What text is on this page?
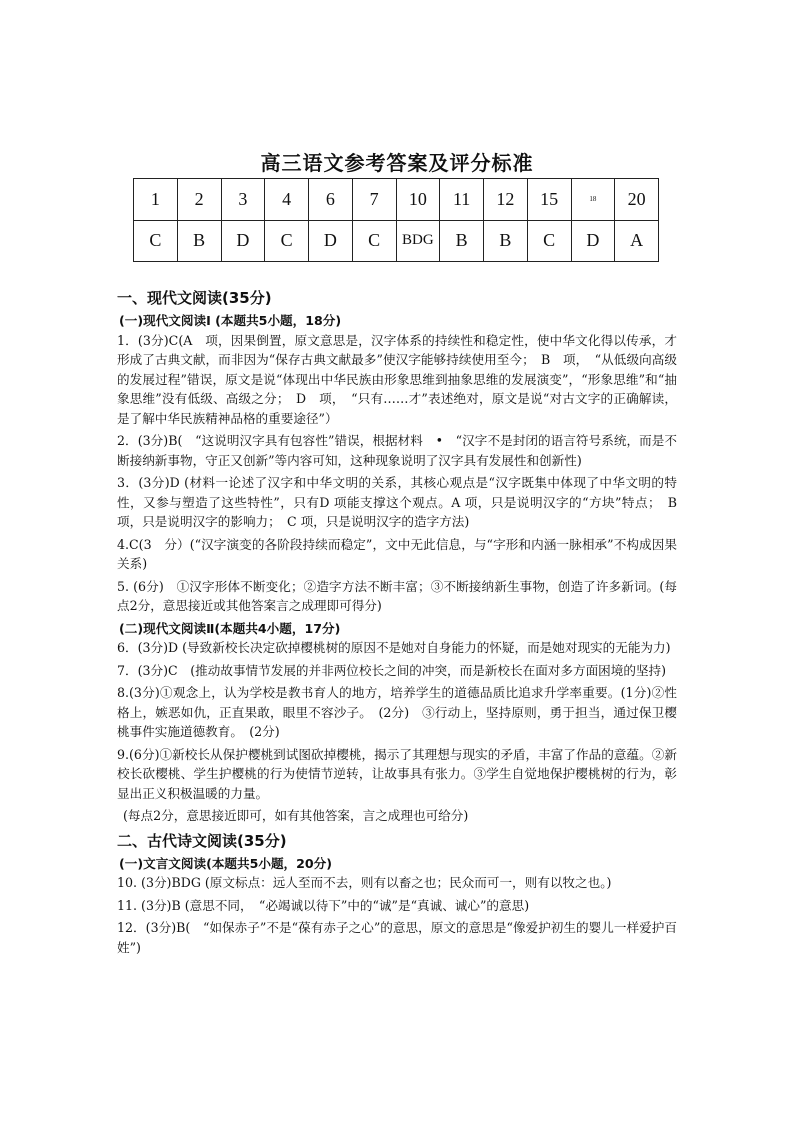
高三语文参考答案及评分标准
1	2	3	4	6	7	10	11	12	15	18	20
C	B	D	C	D	C	BDG	B	B	C	D	A
一、现代文阅读(35分)
(一)现代文阅读Ⅰ (本题共5小题，18分)

1．(3分)C(A　项，因果倒置，原文意思是，汉字体系的持续性和稳定性，使中华文化得以传承，才形成了古典文献，而非因为“保存古典文献最多”使汉字能够持续使用至今；　B　项，　“从低级向高级的发展过程”错误，原文是说“体现出中华民族由形象思维到抽象思维的发展演变”，“形象思维”和“抽象思维”没有低级、高级之分；　D　项，　“只有……才”表述绝对，原文是说“对古文字的正确解读，是了解中华民族精神品格的重要途径”）

2．(3分)B(　“这说明汉字具有包容性”错误，根据材料　•　“汉字不是封闭的语言符号系统，而是不断接纳新事物，守正又创新”等内容可知，这种现象说明了汉字具有发展性和创新性)

3．(3分)D (材料一论述了汉字和中华文明的关系，其核心观点是“汉字既集中体现了中华文明的特性，又参与塑造了这些特性”，只有D 项能支撑这个观点。A 项，只是说明汉字的“方块”特点；　B 项，只是说明汉字的影响力；　C 项，只是说明汉字的造字方法)

4.C(3　分）(“汉字演变的各阶段持续而稳定”，文中无此信息，与“字形和内涵一脉相承”不构成因果关系)

5. (6分)　①汉字形体不断变化；②造字方法不断丰富；③不断接纳新生事物，创造了许多新词。(每点2分，意思接近或其他答案言之成理即可得分)

(二)现代文阅读Ⅱ(本题共4小题，17分)

6．(3分)D (导致新校长决定砍掉樱桃树的原因不是她对自身能力的怀疑，而是她对现实的无能为力)

7．(3分)C　(推动故事情节发展的并非两位校长之间的冲突，而是新校长在面对多方面困境的坚持)

8.(3分)①观念上，认为学校是教书育人的地方，培养学生的道德品质比追求升学率重要。(1分)②性格上，嫉恶如仇，正直果敢，眼里不容沙子。　(2分)　③行动上，坚持原则，勇于担当，通过保卫樱桃事件实施道德教育。　(2分)

9.(6分)①新校长从保护樱桃到试图砍掉樱桃，揭示了其理想与现实的矛盾，丰富了作品的意蕴。②新校长砍樱桃、学生护樱桃的行为使情节逆转，让故事具有张力。③学生自觉地保护樱桃树的行为，彰显出正义积极温暖的力量。

(每点2分，意思接近即可，如有其他答案，言之成理也可给分)

二、古代诗文阅读(35分)
(一)文言文阅读(本题共5小题，20分)

10. (3分)BDG (原文标点：远人至而不去，则有以畜之也；民众而可一，则有以牧之也。)

11. (3分)B (意思不同，　“必竭诚以待下”中的“诚”是“真诚、诚心”的意思)

12．(3分)B(　“如保赤子”不是“葆有赤子之心”的意思，原文的意思是“像爱护初生的婴儿一样爱护百姓”)
